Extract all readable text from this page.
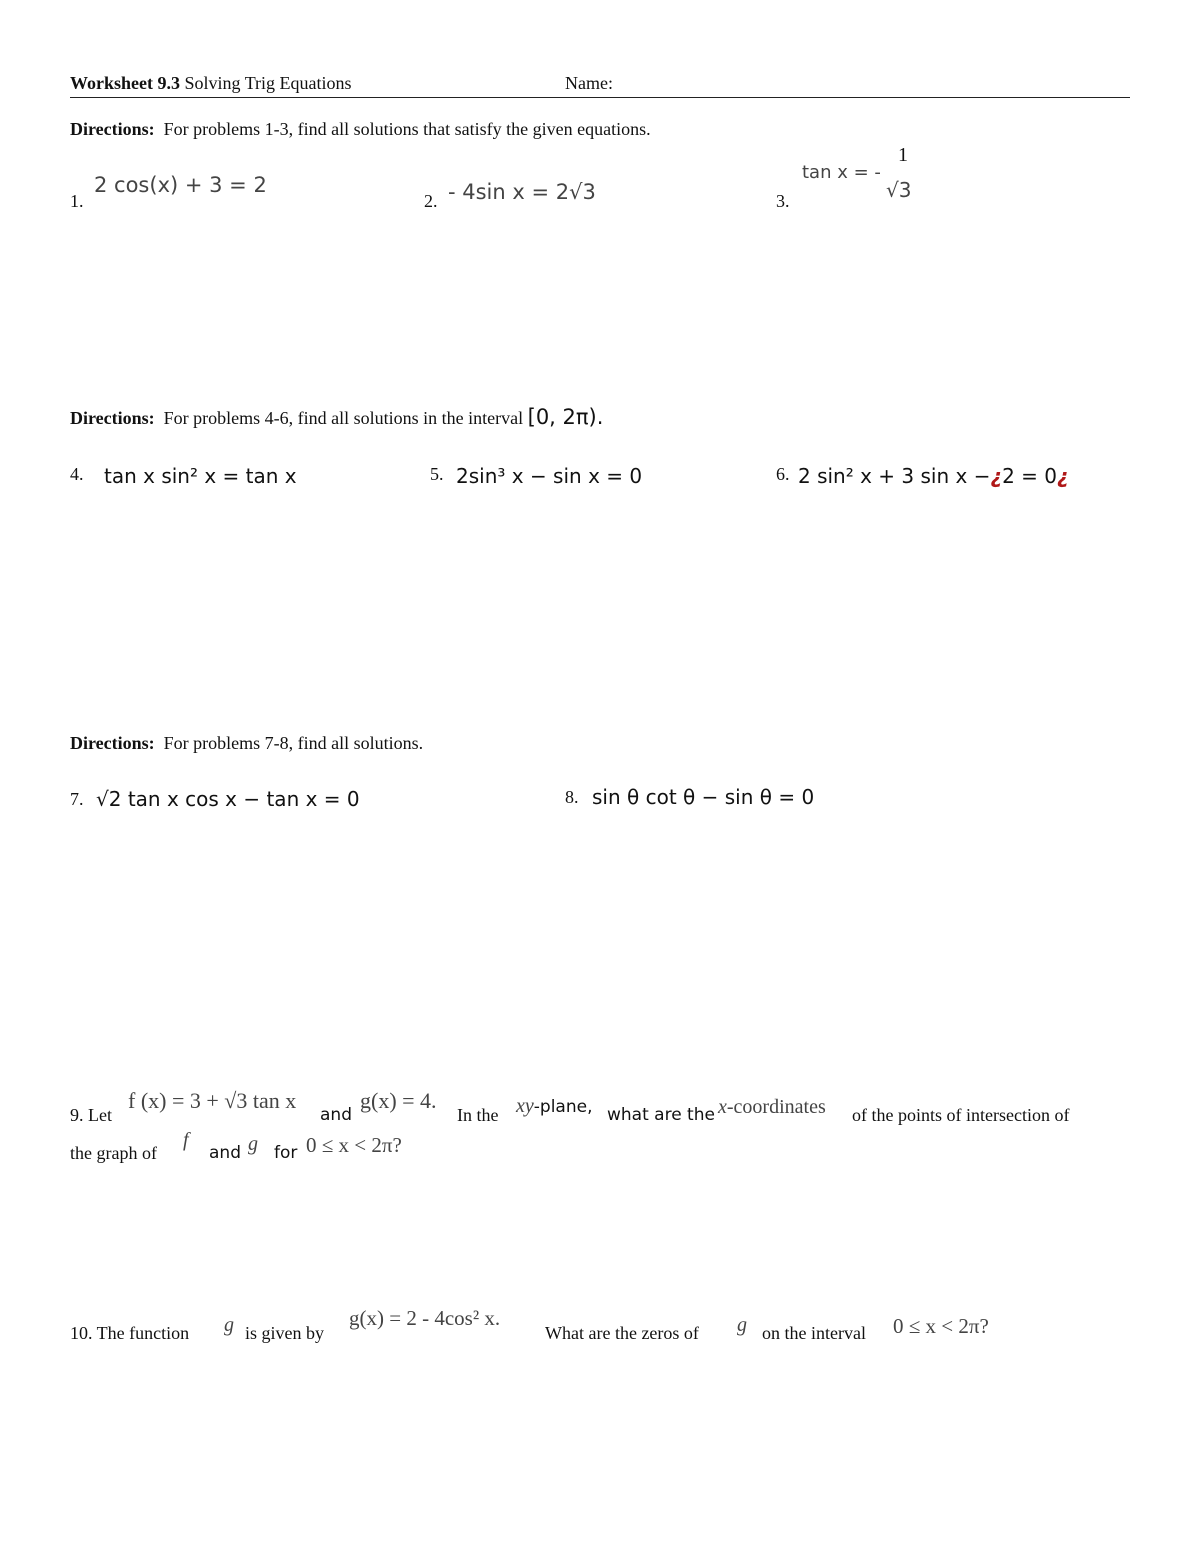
Worksheet 9.3 Solving Trig Equations	Name:
Directions: For problems 1-3, find all solutions that satisfy the given equations.
1.
2 cos(x) + 3 = 2
2. - 4sin x = 2√3	3.
tan x = -
1
√3
Directions: For problems 4-6, find all solutions in the interval [0, 2π).
4. tan x sin² x = tan x	5. 2sin³ x − sin x = 0	6. 2 sin² x + 3 sin x −¿2 = 0¿
Directions: For problems 7-8, find all solutions.
7. √2 tan x cos x − tan x = 0	8. sin θ cot θ − sin θ = 0
9. Let
f (x) = 3 + √3 tan x
and
g(x) = 4.
In the xy-plane, what are the x-coordinates of the points of intersection of
the graph of
f
and g for 0 ≤ x < 2π?
10. The function g is given by
g(x) = 2 - 4cos² x.
What are the zeros of g on the interval 0 ≤ x < 2π?
